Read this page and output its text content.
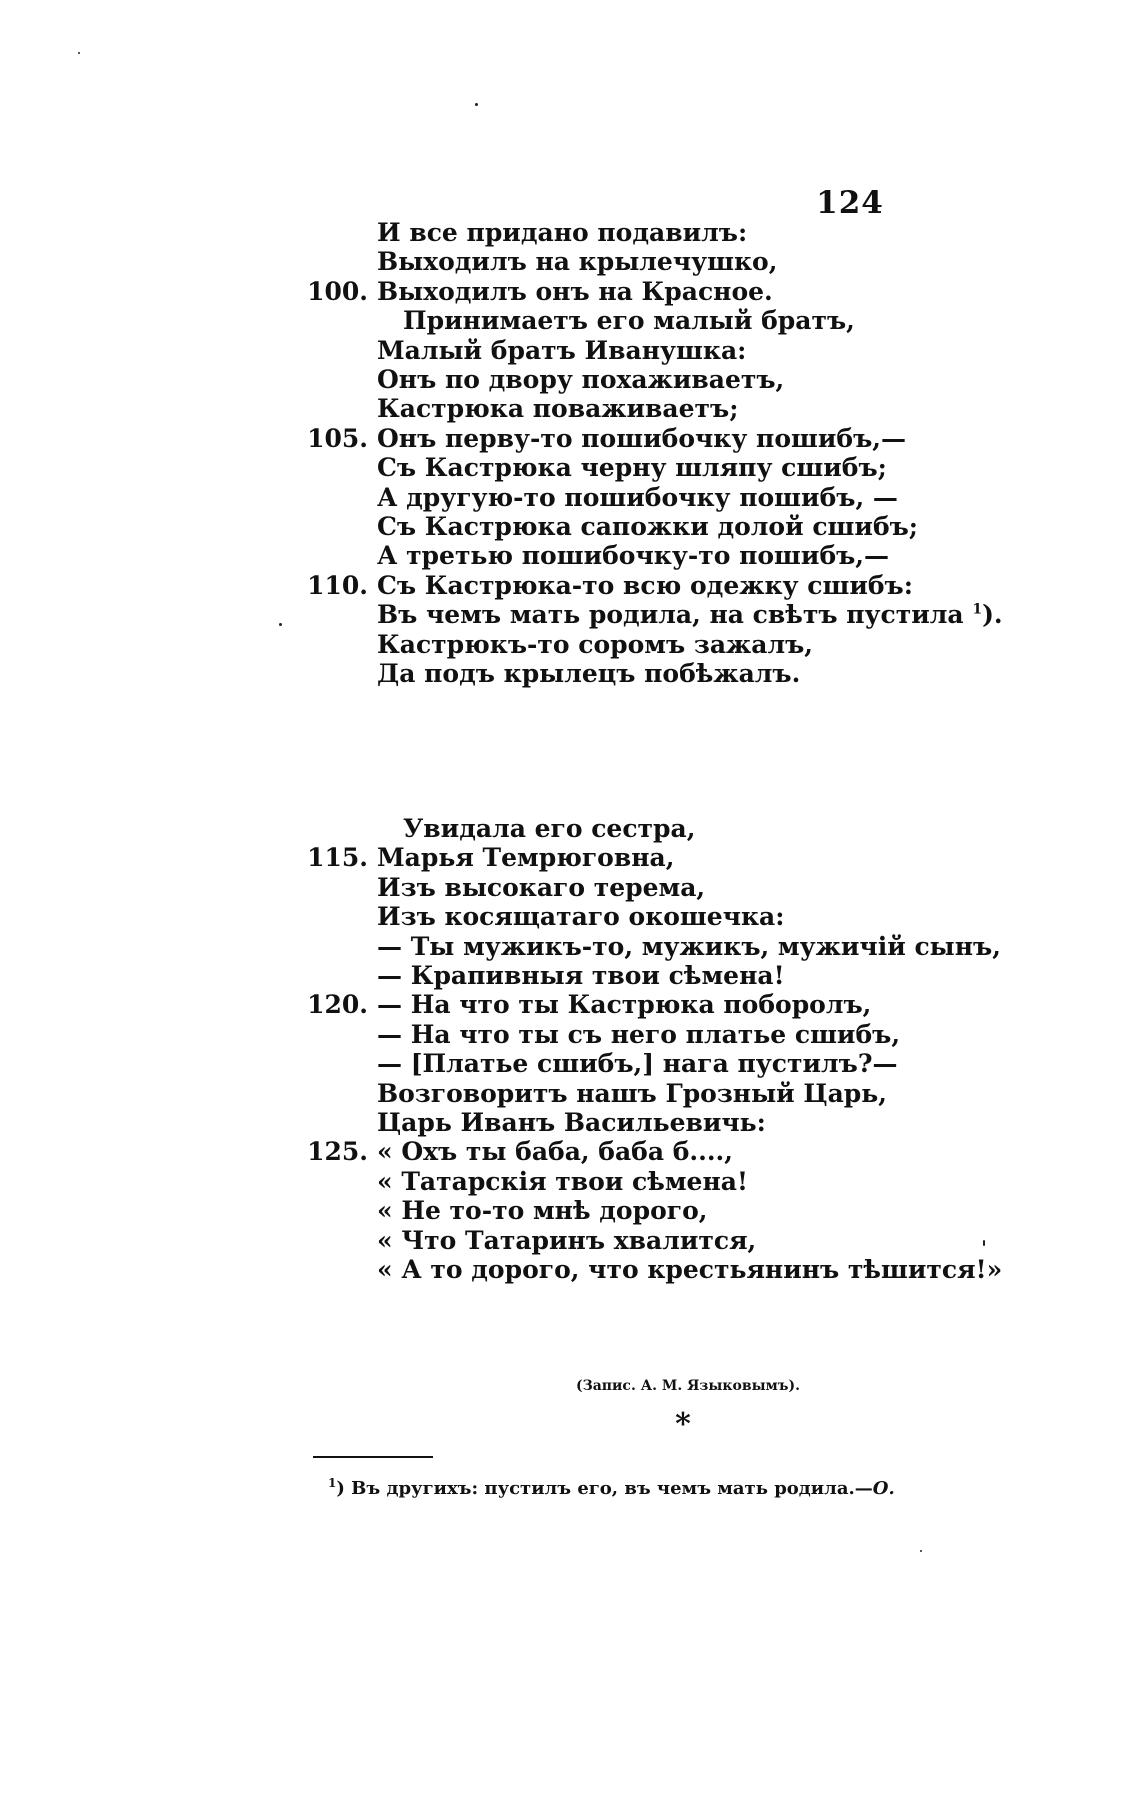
124
И все придано подавилъ:
Выходилъ на крылечушко,
100. Выходилъ онъ на Красное.
Принимаетъ его малый братъ,
Малый братъ Иванушка:
Онъ по двору похаживаетъ,
Кастрюка поваживаетъ;
105. Онъ перву-то пошибочку пошибъ,—
Съ Кастрюка черну шляпу сшибъ;
А другую-то пошибочку пошибъ, —
Съ Кастрюка сапожки долой сшибъ;
А третью пошибочку-то пошибъ,—
110. Съ Кастрюка-то всю одежку сшибъ:
Въ чемъ мать родила, на свѣтъ пустила $^1$).
Кастрюкъ-то соромъ зажалъ,
Да подъ крылецъ побѣжалъ.
Увидала его сестра,
115. Марья Темрюговна,
Изъ высокаго терема,
Изъ косящатаго окошечка:
— Ты мужикъ-то, мужикъ, мужичій сынъ,
— Крапивныя твои сѣмена!
120. — На что ты Кастрюка поборолъ,
— На что ты съ него платье сшибъ,
— [Платье сшибъ,] нага пустилъ?—
Возговоритъ нашъ Грозный Царь,
Царь Иванъ Васильевичь:
125. « Охъ ты баба, баба б....,
« Татарскія твои сѣмена!
« Не то-то мнѣ дорого,
« Что Татаринъ хвалится,
« А то дорого, что крестьянинъ тѣшится!»
(Запис. А. М. Языковымъ).
*
$^1$) Въ другихъ: пустилъ его, въ чемъ мать родила.—О.
